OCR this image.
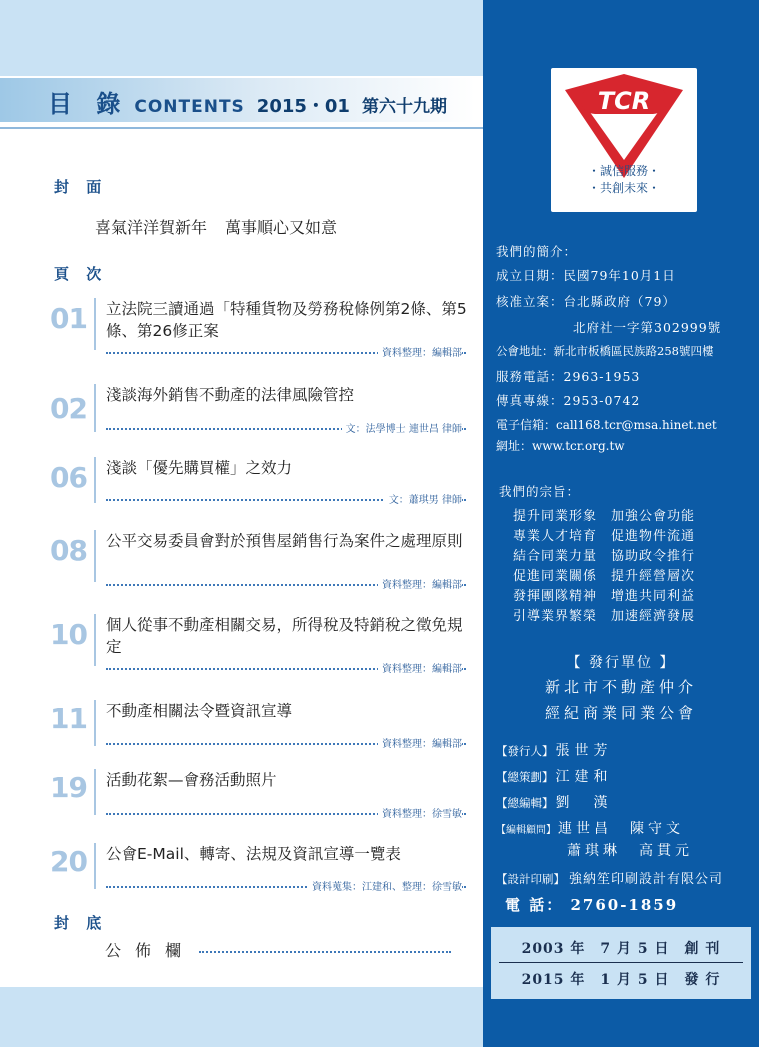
目 錄 CONTENTS 2015・01 第六十九期
封 面
喜氣洋洋賀新年 萬事順心又如意
頁 次
01 立法院三讀通過「特種貨物及勞務稅條例第2條、第5條、第26修正案
資料整理：編輯部
02 淺談海外銷售不動產的法律風險管控
文：法學博士 連世昌 律師
06 淺談「優先購買權」之效力
文：蕭琪男 律師
08 公平交易委員會對於預售屋銷售行為案件之處理原則
資料整理：編輯部
10 個人從事不動產相關交易，所得稅及特銷稅之徵免規定
資料整理：編輯部
11 不動產相關法令暨資訊宣導
資料整理：編輯部
19 活動花絮—會務活動照片
資料整理：徐雪敏
20 公會E-Mail、轉寄、法規及資訊宣導一覽表
資料蒐集：江建和、整理：徐雪敏
封 底
公佈欄
TCR
・誠信服務・
・共創未來・
我們的簡介：
成立日期：民國79年10月1日
核准立案：台北縣政府（79）
北府社一字第302999號
公會地址：新北市板橋區民族路258號四樓
服務電話：2963-1953
傳真專線：2953-0742
電子信箱：call168.tcr@msa.hinet.net
網址：www.tcr.org.tw
我們的宗旨：
提升同業形象　加強公會功能
專業人才培育　促進物件流通
結合同業力量　協助政令推行
促進同業關係　提升經營層次
發揮團隊精神　增進共同利益
引導業界繁榮　加速經濟發展
【 發行單位 】
新北市不動產仲介
經紀商業同業公會
【發行人】 張世芳
【總策劃】 江建和
【總編輯】 劉　漢
【編輯顧問】 連世昌　陳守文
蕭琪琳　高貫元
【設計印刷】 強納笙印刷設計有限公司
電 話： 2760-1859
2003 年　7 月 5 日　創 刊
2015 年　1 月 5 日　發 行
